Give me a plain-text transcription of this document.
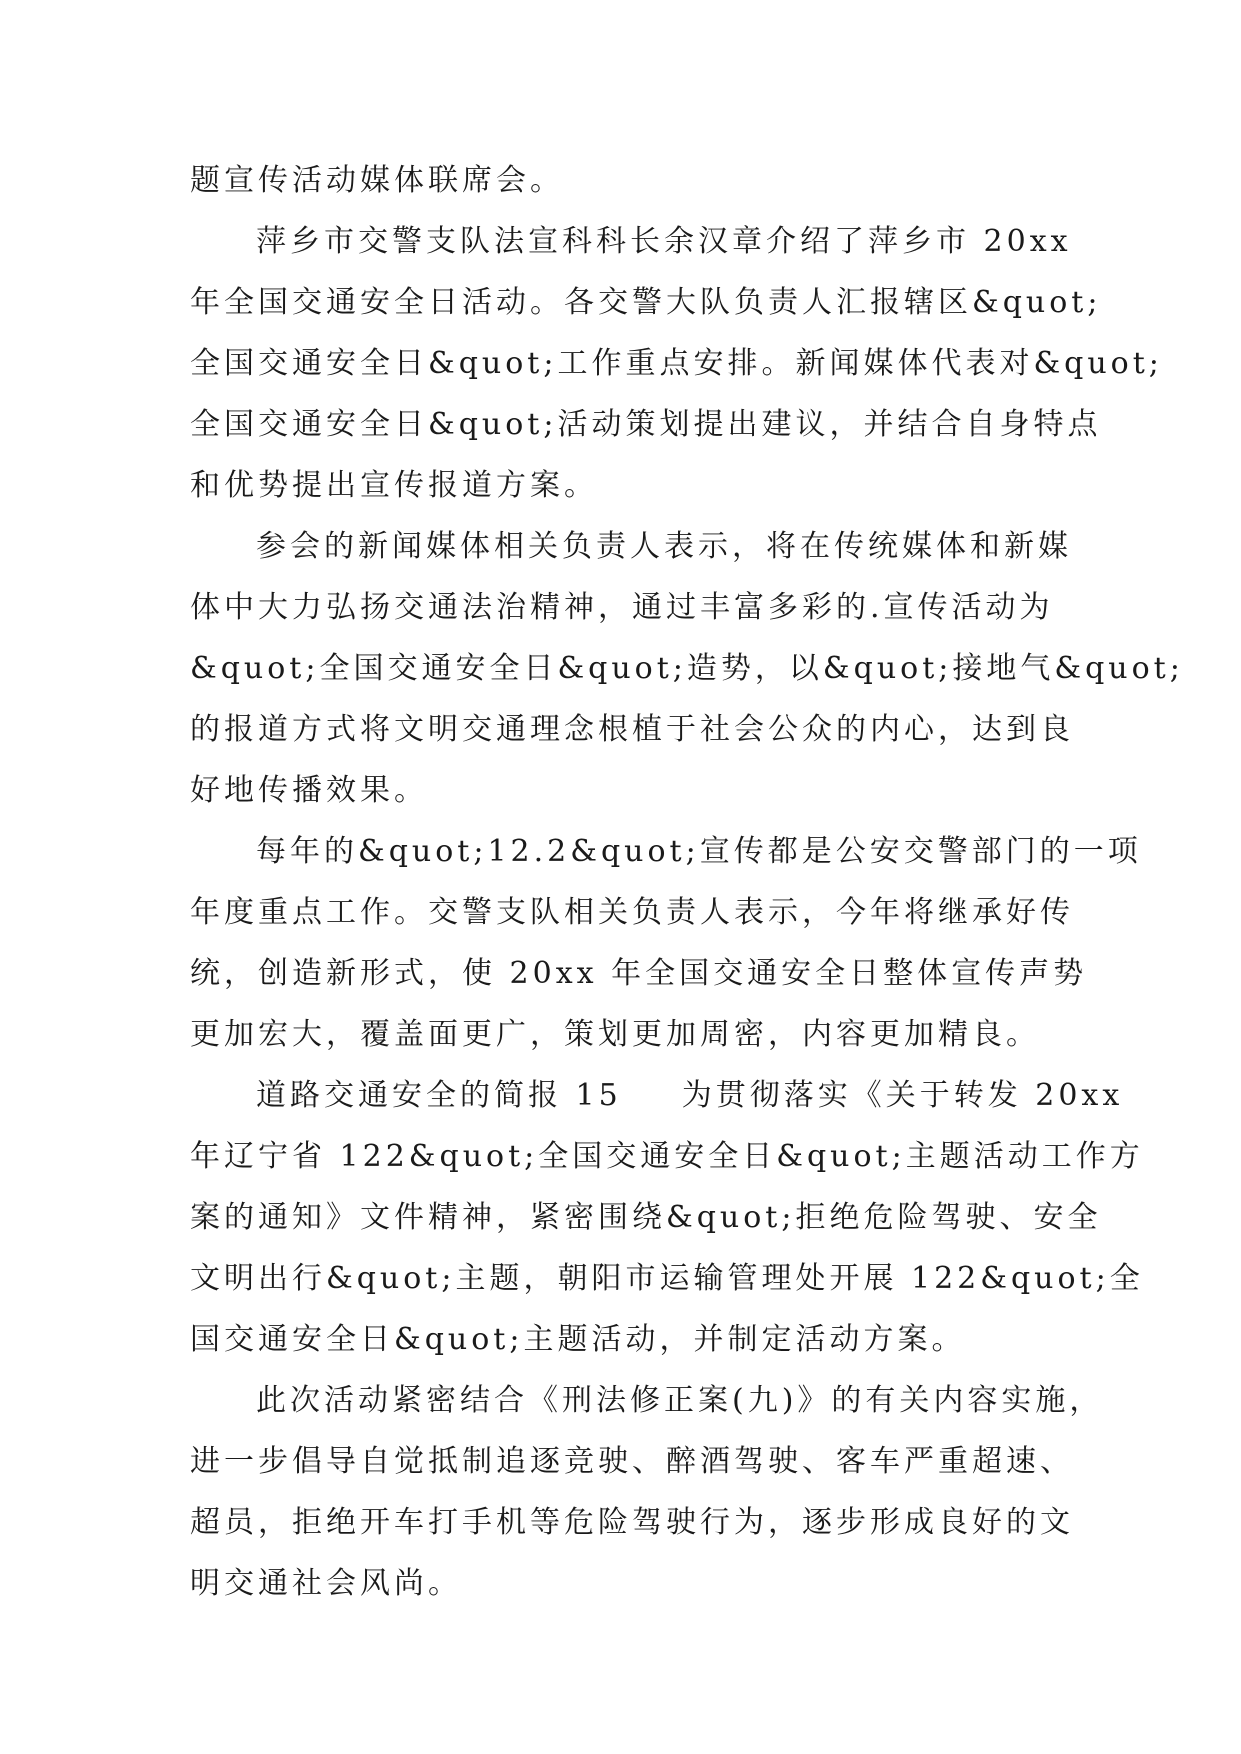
题宣传活动媒体联席会。
萍乡市交警支队法宣科科长余汉章介绍了萍乡市 20xx
年全国交通安全日活动。各交警大队负责人汇报辖区&quot;
全国交通安全日&quot;工作重点安排。新闻媒体代表对&quot;
全国交通安全日&quot;活动策划提出建议，并结合自身特点
和优势提出宣传报道方案。
参会的新闻媒体相关负责人表示，将在传统媒体和新媒
体中大力弘扬交通法治精神，通过丰富多彩的.宣传活动为
&quot;全国交通安全日&quot;造势，以&quot;接地气&quot;
的报道方式将文明交通理念根植于社会公众的内心，达到良
好地传播效果。
每年的&quot;12.2&quot;宣传都是公安交警部门的一项
年度重点工作。交警支队相关负责人表示，今年将继承好传
统，创造新形式，使 20xx 年全国交通安全日整体宣传声势
更加宏大，覆盖面更广，策划更加周密，内容更加精良。
道路交通安全的简报 15 为贯彻落实《关于转发 20xx
年辽宁省 122&quot;全国交通安全日&quot;主题活动工作方
案的通知》文件精神，紧密围绕&quot;拒绝危险驾驶、安全
文明出行&quot;主题，朝阳市运输管理处开展 122&quot;全
国交通安全日&quot;主题活动，并制定活动方案。
此次活动紧密结合《刑法修正案(九)》的有关内容实施，
进一步倡导自觉抵制追逐竞驶、醉酒驾驶、客车严重超速、
超员，拒绝开车打手机等危险驾驶行为，逐步形成良好的文
明交通社会风尚。
